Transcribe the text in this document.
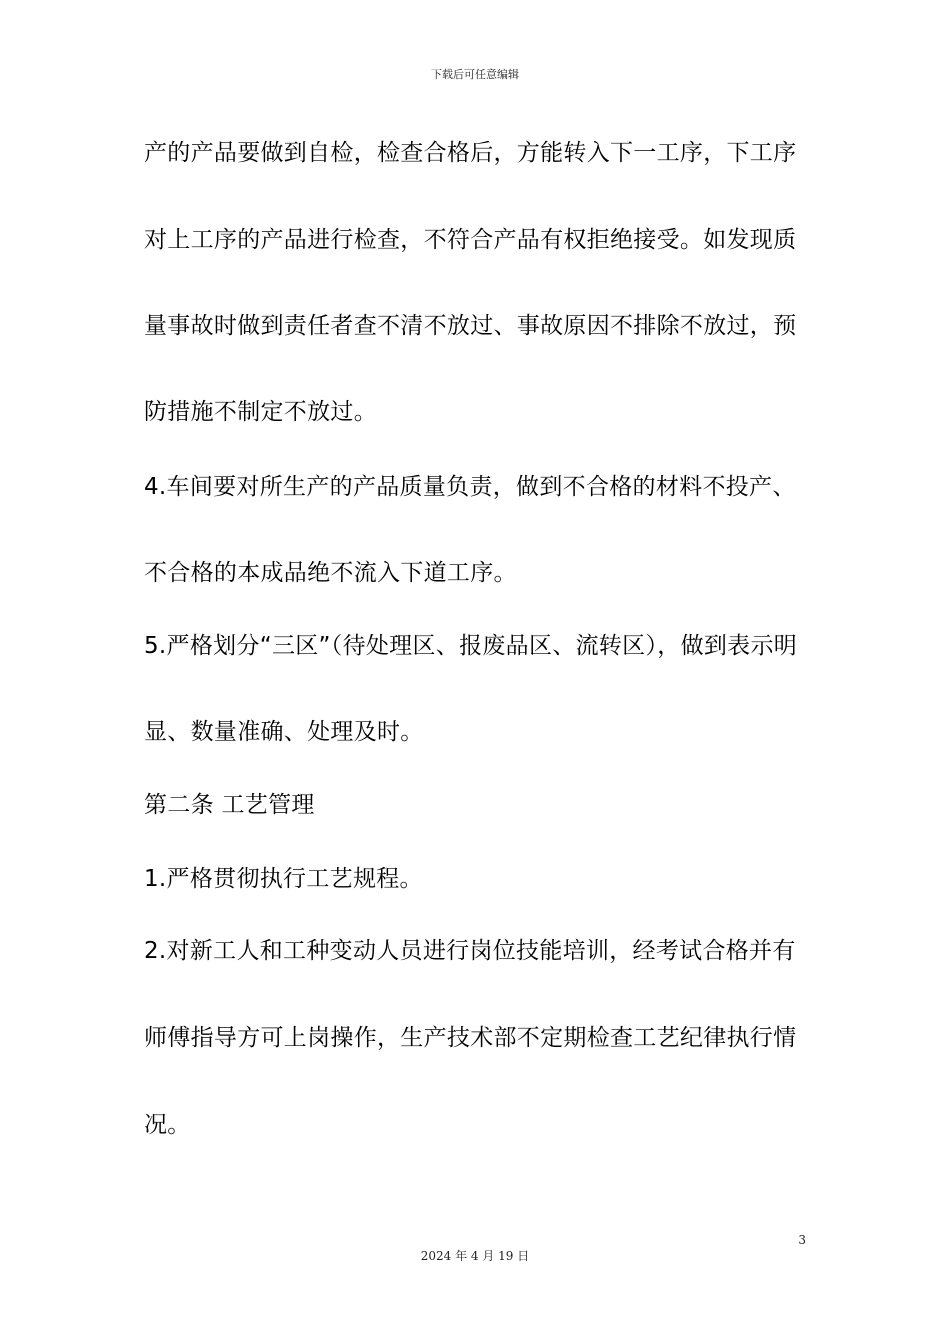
下载后可任意编辑
产的产品要做到自检，检查合格后，方能转入下一工序，下工序
对上工序的产品进行检查，不符合产品有权拒绝接受。如发现质
量事故时做到责任者查不清不放过、事故原因不排除不放过，预
防措施不制定不放过。
4.车间要对所生产的产品质量负责，做到不合格的材料不投产、
不合格的本成品绝不流入下道工序。
5.严格划分“三区”（待处理区、报废品区、流转区），做到表示明
显、数量准确、处理及时。
第二条 工艺管理
1.严格贯彻执行工艺规程。
2.对新工人和工种变动人员进行岗位技能培训，经考试合格并有
师傅指导方可上岗操作，生产技术部不定期检查工艺纪律执行情
况。
3
2024 年 4 月 19 日
